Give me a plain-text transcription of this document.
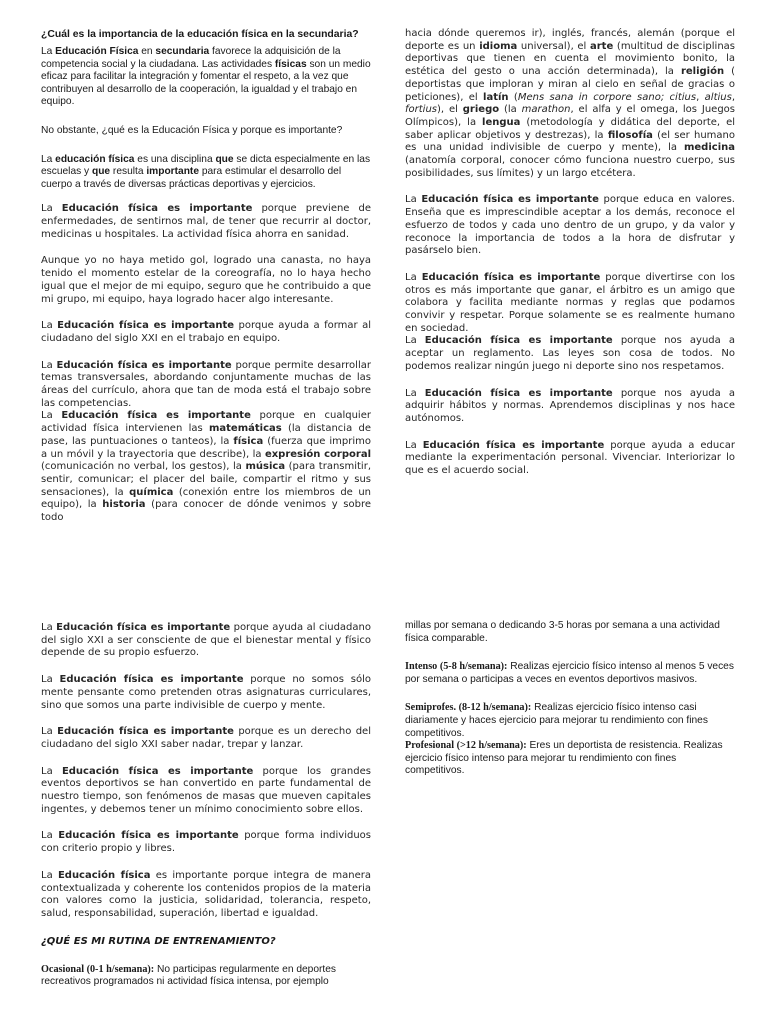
¿Cuál es la importancia de la educación física en la secundaria?

La Educación Física en secundaria favorece la adquisición de la competencia social y la ciudadana. Las actividades físicas son un medio eficaz para facilitar la integración y fomentar el respeto, a la vez que contribuyen al desarrollo de la cooperación, la igualdad y el trabajo en equipo.

No obstante, ¿qué es la Educación Física y porque es importante?

La educación física es una disciplina que se dicta especialmente en las escuelas y que resulta importante para estimular el desarrollo del cuerpo a través de diversas prácticas deportivas y ejercicios.

La Educación física es importante porque previene de enfermedades, de sentirnos mal, de tener que recurrir al doctor, medicinas u hospitales. La actividad física ahorra en sanidad.

Aunque yo no haya metido gol, logrado una canasta, no haya tenido el momento estelar de la coreografía, no lo haya hecho igual que el mejor de mi equipo, seguro que he contribuido a que mi grupo, mi equipo, haya logrado hacer algo interesante.

La Educación física es importante porque ayuda a formar al ciudadano del siglo XXI en el trabajo en equipo.

La Educación física es importante porque permite desarrollar temas transversales, abordando conjuntamente muchas de las áreas del currículo, ahora que tan de moda está el trabajo sobre las competencias.

La Educación física es importante porque en cualquier actividad física intervienen las matemáticas (la distancia de pase, las puntuaciones o tanteos), la física (fuerza que imprimo a un móvil y la trayectoria que describe), la expresión corporal (comunicación no verbal, los gestos), la música (para transmitir, sentir, comunicar; el placer del baile, compartir el ritmo y sus sensaciones), la química (conexión entre los miembros de un equipo), la historia (para conocer de dónde venimos y sobre todo

hacia dónde queremos ir), inglés, francés, alemán (porque el deporte es un idioma universal), el arte (multitud de disciplinas deportivas que tienen en cuenta el movimiento bonito, la estética del gesto o una acción determinada), la religión ( deportistas que imploran y miran al cielo en señal de gracias o peticiones), el latín (Mens sana in corpore sano; citius, altius, fortius), el griego (la marathon, el alfa y el omega, los Juegos Olímpicos), la lengua (metodología y didática del deporte, el saber aplicar objetivos y destrezas), la filosofía (el ser humano es una unidad indivisible de cuerpo y mente), la medicina (anatomía corporal, conocer cómo funciona nuestro cuerpo, sus posibilidades, sus límites) y un largo etcétera.

La Educación física es importante porque educa en valores. Enseña que es imprescindible aceptar a los demás, reconoce el esfuerzo de todos y cada uno dentro de un grupo, y da valor y reconoce la importancia de todos a la hora de disfrutar y pasárselo bien.

La Educación física es importante porque divertirse con los otros es más importante que ganar, el árbitro es un amigo que colabora y facilita mediante normas y reglas que podamos convivir y respetar. Porque solamente se es realmente humano en sociedad.

La Educación física es importante porque nos ayuda a aceptar un reglamento. Las leyes son cosa de todos. No podemos realizar ningún juego ni deporte sino nos respetamos.

La Educación física es importante porque nos ayuda a adquirir hábitos y normas. Aprendemos disciplinas y nos hace autónomos.

La Educación física es importante porque ayuda a educar mediante la experimentación personal. Vivenciar. Interiorizar lo que es el acuerdo social.

La Educación física es importante porque ayuda al ciudadano del siglo XXI a ser consciente de que el bienestar mental y físico depende de su propio esfuerzo.

La Educación física es importante porque no somos sólo mente pensante como pretenden otras asignaturas curriculares, sino que somos una parte indivisible de cuerpo y mente.

La Educación física es importante porque es un derecho del ciudadano del siglo XXI saber nadar, trepar y lanzar.

La Educación física es importante porque los grandes eventos deportivos se han convertido en parte fundamental de nuestro tiempo, son fenómenos de masas que mueven capitales ingentes, y debemos tener un mínimo conocimiento sobre ellos.

La Educación física es importante porque forma individuos con criterio propio y libres.

La Educación física es importante porque integra de manera contextualizada y coherente los contenidos propios de la materia con valores como la justicia, solidaridad, tolerancia, respeto, salud, responsabilidad, superación, libertad e igualdad.

¿QUÉ ES MI RUTINA DE ENTRENAMIENTO?

Ocasional (0-1 h/semana): No participas regularmente en deportes recreativos programados ni actividad física intensa, por ejemplo

millas por semana o dedicando 3-5 horas por semana a una actividad física comparable.

Intenso (5-8 h/semana): Realizas ejercicio físico intenso al menos 5 veces por semana o participas a veces en eventos deportivos masivos.

Semiprofes. (8-12 h/semana): Realizas ejercicio físico intenso casi diariamente y haces ejercicio para mejorar tu rendimiento con fines competitivos.

Profesional (>12 h/semana): Eres un deportista de resistencia. Realizas ejercicio físico intenso para mejorar tu rendimiento con fines competitivos.
